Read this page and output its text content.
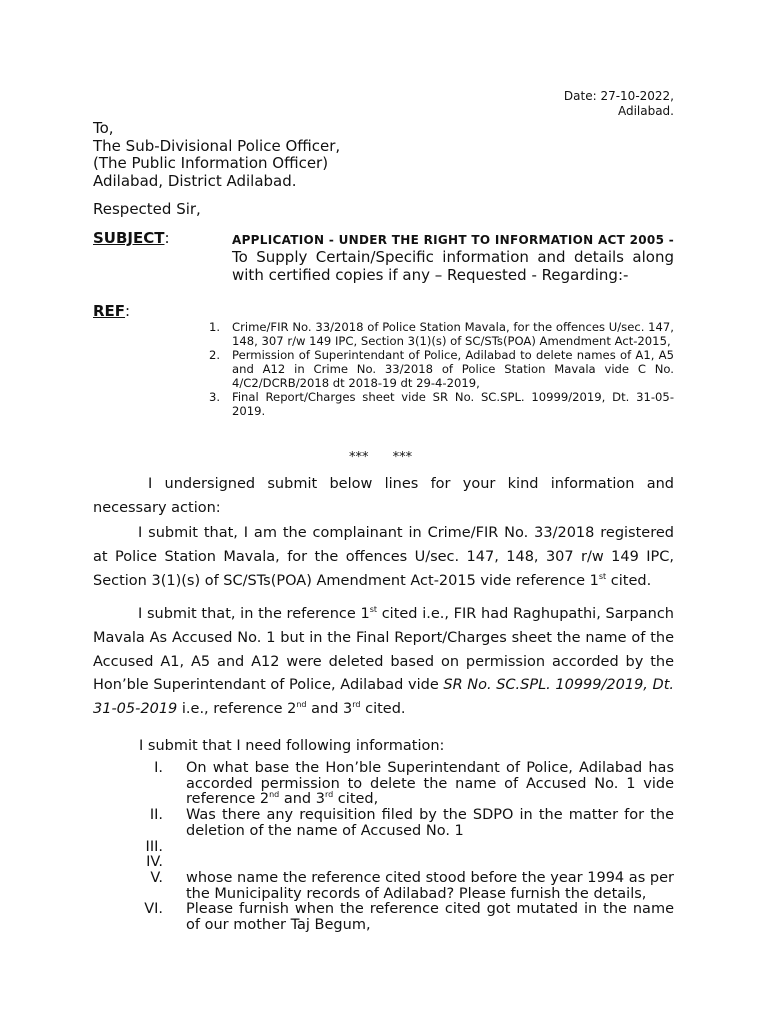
Date: 27-10-2022,
Adilabad.
To,
The Sub-Divisional Police Officer,
(The Public Information Officer)
Adilabad, District Adilabad.
Respected Sir,
SUBJECT:	APPLICATION - UNDER THE RIGHT TO INFORMATION ACT 2005 - To Supply Certain/Specific information and details along with certified copies if any – Requested - Regarding:-
REF:
1. Crime/FIR No. 33/2018 of Police Station Mavala, for the offences U/sec. 147, 148, 307 r/w 149 IPC, Section 3(1)(s) of SC/STs(POA) Amendment Act-2015,
2. Permission of Superintendant of Police, Adilabad to delete names of A1, A5 and A12 in Crime No. 33/2018 of Police Station Mavala vide C No. 4/C2/DCRB/2018 dt 2018-19 dt 29-4-2019,
3. Final Report/Charges sheet vide SR No. SC.SPL. 10999/2019, Dt. 31-05-2019.
*** ***
I undersigned submit below lines for your kind information and necessary action:
I submit that, I am the complainant in Crime/FIR No. 33/2018 registered at Police Station Mavala, for the offences U/sec. 147, 148, 307 r/w 149 IPC, Section 3(1)(s) of SC/STs(POA) Amendment Act-2015 vide reference 1st cited.
I submit that, in the reference 1st cited i.e., FIR had Raghupathi, Sarpanch Mavala As Accused No. 1 but in the Final Report/Charges sheet the name of the Accused A1, A5 and A12 were deleted based on permission accorded by the Hon’ble Superintendant of Police, Adilabad vide SR No. SC.SPL. 10999/2019, Dt. 31-05-2019 i.e., reference 2nd and 3rd cited.
I submit that I need following information:
I. On what base the Hon’ble Superintendant of Police, Adilabad has accorded permission to delete the name of Accused No. 1 vide reference 2nd and 3rd cited,
II. Was there any requisition filed by the SDPO in the matter for the deletion of the name of Accused No. 1
III.
IV.
V. whose name the reference cited stood before the year 1994 as per the Municipality records of Adilabad? Please furnish the details,
VI. Please furnish when the reference cited got mutated in the name of our mother Taj Begum,
